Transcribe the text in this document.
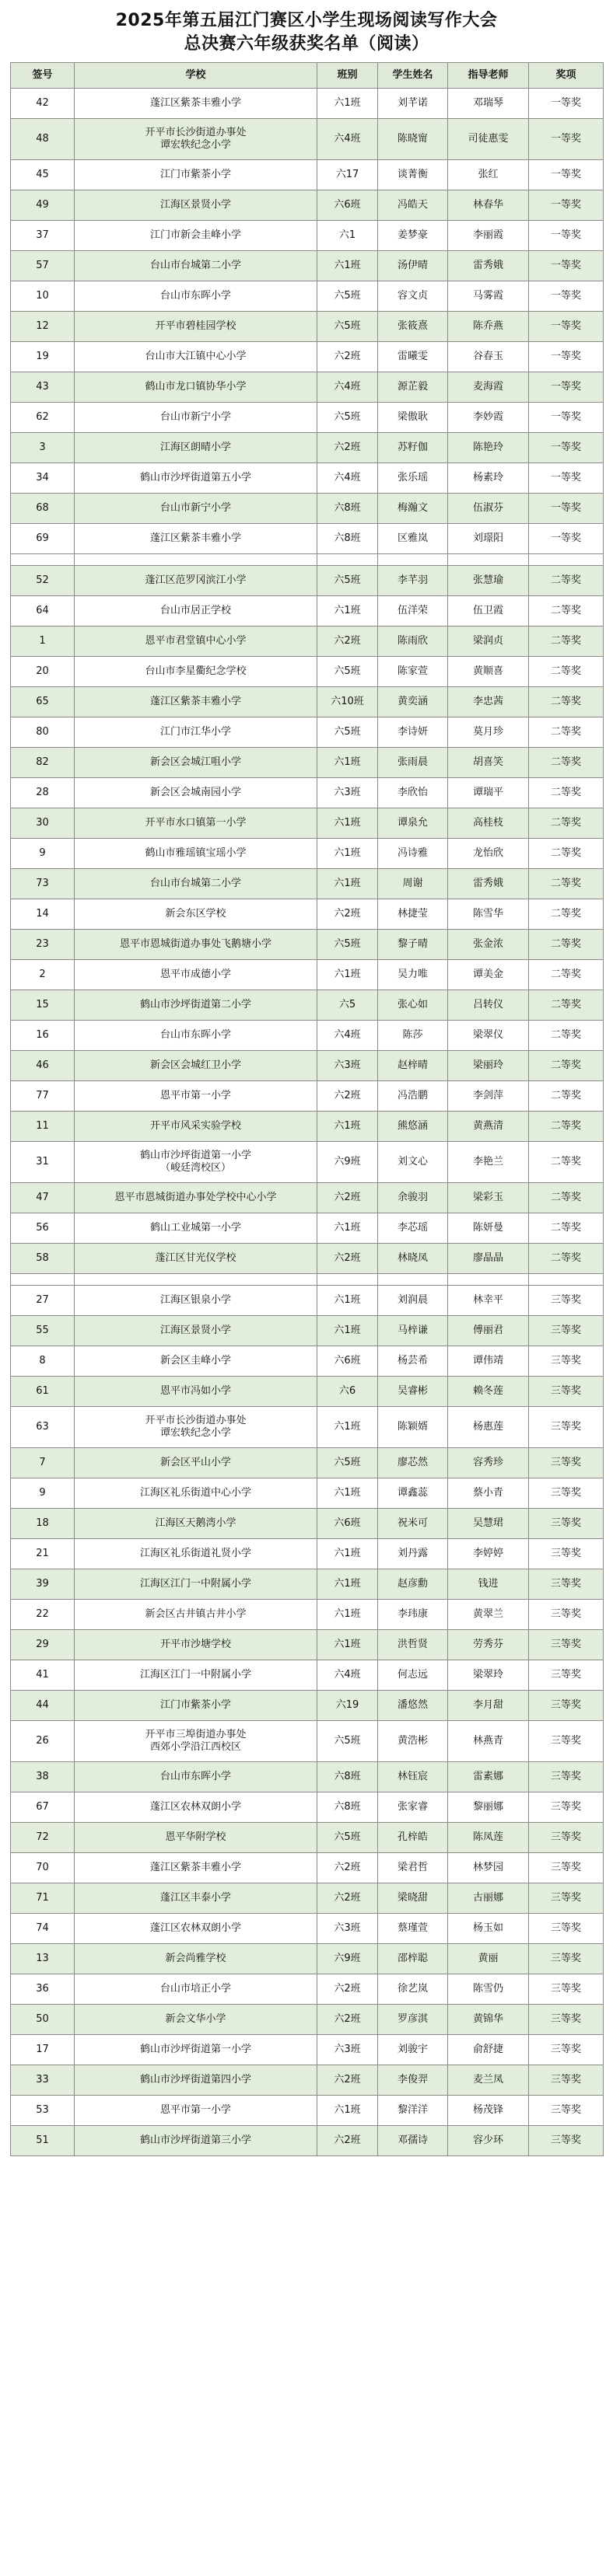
2025年第五届江门赛区小学生现场阅读写作大会
总决赛六年级获奖名单（阅读）
签号	学校	班别	学生姓名	指导老师	奖项
42	蓬江区紫茶丰雅小学	六1班	刘芊诺	邓瑞琴	一等奖
48	开平市长沙街道办事处
谭宏轶纪念小学	六4班	陈晓甯	司徒惠雯	一等奖
45	江门市紫茶小学	六17	谈菁衡	张红	一等奖
49	江海区景贤小学	六6班	冯皓天	林春华	一等奖
37	江门市新会圭峰小学	六1	姜梦豪	李丽霞	一等奖
57	台山市台城第二小学	六1班	汤伊晴	雷秀娥	一等奖
10	台山市东晖小学	六5班	容文贞	马雾霞	一等奖
12	开平市碧桂园学校	六5班	张筱熹	陈乔燕	一等奖
19	台山市大江镇中心小学	六2班	雷曦雯	谷春玉	一等奖
43	鹤山市龙口镇协华小学	六4班	源芷毅	麦海霞	一等奖
62	台山市新宁小学	六5班	梁傲耿	李妙霞	一等奖
3	江海区朗晴小学	六2班	苏籽伽	陈艳玲	一等奖
34	鹤山市沙坪街道第五小学	六4班	张乐瑶	杨素玲	一等奖
68	台山市新宁小学	六8班	梅瀚文	伍淑芬	一等奖
69	蓬江区紫茶丰雅小学	六8班	区雅岚	刘璟阳	一等奖

52	蓬江区范罗冈滨江小学	六5班	李芊羽	张慧瑜	二等奖
64	台山市居正学校	六1班	伍洋荣	伍卫霞	二等奖
1	恩平市君堂镇中心小学	六2班	陈雨欣	梁润贞	二等奖
20	台山市李星衢纪念学校	六5班	陈家萱	黄顺喜	二等奖
65	蓬江区紫茶丰雅小学	六10班	黄奕涵	李忠茜	二等奖
80	江门市江华小学	六5班	李诗妍	莫月珍	二等奖
82	新会区会城江咀小学	六1班	张雨晨	胡喜笑	二等奖
28	新会区会城南园小学	六3班	李欣怡	谭瑞平	二等奖
30	开平市水口镇第一小学	六1班	谭泉允	高桂枝	二等奖
9	鹤山市雅瑶镇宝瑶小学	六1班	冯诗雅	龙怡欣	二等奖
73	台山市台城第二小学	六1班	周谢	雷秀娥	二等奖
14	新会东区学校	六2班	林捷莹	陈雪华	二等奖
23	恩平市恩城街道办事处飞鹅塘小学	六5班	黎子晴	张金浓	二等奖
2	恩平市成德小学	六1班	吴力唯	谭美金	二等奖
15	鹤山市沙坪街道第二小学	六5	张心如	吕转仪	二等奖
16	台山市东晖小学	六4班	陈莎	梁翠仪	二等奖
46	新会区会城红卫小学	六3班	赵梓晴	梁丽玲	二等奖
77	恩平市第一小学	六2班	冯浩鹏	李剑萍	二等奖
11	开平市风采实验学校	六1班	熊悠涵	黄燕清	二等奖
31	鹤山市沙坪街道第一小学
（峻廷湾校区）	六9班	刘文心	李艳兰	二等奖
47	恩平市恩城街道办事处学校中心小学	六2班	余骏羽	梁彩玉	二等奖
56	鹤山工业城第一小学	六1班	李芯瑶	陈妍曼	二等奖
58	蓬江区甘光仪学校	六2班	林晓凤	廖晶晶	二等奖

27	江海区银泉小学	六1班	刘润晨	林幸平	三等奖
55	江海区景贤小学	六1班	马梓谦	傅丽君	三等奖
8	新会区圭峰小学	六6班	杨芸希	谭伟靖	三等奖
61	恩平市冯如小学	六6	吴睿彬	赖冬莲	三等奖
63	开平市长沙街道办事处
谭宏轶纪念小学	六1班	陈颖婿	杨惠莲	三等奖
7	新会区平山小学	六5班	廖芯然	容秀珍	三等奖
9	江海区礼乐街道中心小学	六1班	谭鑫蕊	蔡小青	三等奖
18	江海区天鹅湾小学	六6班	祝米可	吴慧珺	三等奖
21	江海区礼乐街道礼贤小学	六1班	刘丹露	李婷婷	三等奖
39	江海区江门一中附属小学	六1班	赵彦勳	钱进	三等奖
22	新会区古井镇古井小学	六1班	李玮康	黄翠兰	三等奖
29	开平市沙塘学校	六1班	洪哲贤	劳秀芬	三等奖
41	江海区江门一中附属小学	六4班	何志远	梁翠玲	三等奖
44	江门市紫茶小学	六19	潘悠然	李月甜	三等奖
26	开平市三埠街道办事处
西郊小学沿江西校区	六5班	黄浩彬	林燕青	三等奖
38	台山市东晖小学	六8班	林钰宸	雷素娜	三等奖
67	蓬江区农林双朗小学	六8班	张家睿	黎丽娜	三等奖
72	恩平华附学校	六5班	孔梓皓	陈凤莲	三等奖
70	蓬江区紫茶丰雅小学	六2班	梁君哲	林梦园	三等奖
71	蓬江区丰泰小学	六2班	梁晓甜	古丽娜	三等奖
74	蓬江区农林双朗小学	六3班	蔡瑾萱	杨玉如	三等奖
13	新会尚雅学校	六9班	邵梓聪	黄丽	三等奖
36	台山市培正小学	六2班	徐艺岚	陈雪仍	三等奖
50	新会文华小学	六2班	罗彦淇	黄锦华	三等奖
17	鹤山市沙坪街道第一小学	六3班	刘骏宇	俞舒捷	三等奖
33	鹤山市沙坪街道第四小学	六2班	李俊羿	麦兰凤	三等奖
53	恩平市第一小学	六1班	黎洋洋	杨茂锋	三等奖
51	鹤山市沙坪街道第三小学	六2班	邓孺诗	容少环	三等奖
